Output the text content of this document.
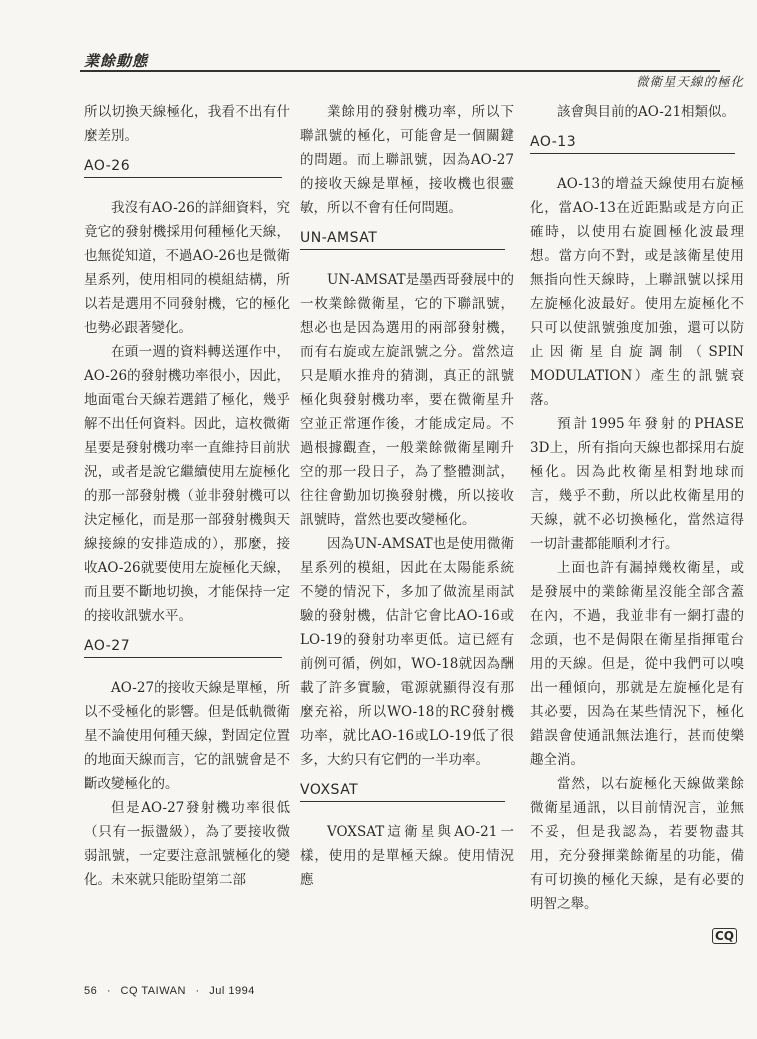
業餘動態
微衛星天線的極化

所以切換天線極化，我看不出有什麼差別。

AO-26

我沒有AO-26的詳細資料，究竟它的發射機採用何種極化天線，也無從知道，不過AO-26也是微衛星系列，使用相同的模組結構，所以若是選用不同發射機，它的極化也勢必跟著變化。

在頭一週的資料轉送運作中，AO-26的發射機功率很小，因此，地面電台天線若選錯了極化，幾乎解不出任何資料。因此，這枚微衛星要是發射機功率一直維持目前狀況，或者是說它繼續使用左旋極化的那一部發射機（並非發射機可以決定極化，而是那一部發射機與天線接線的安排造成的），那麼，接收AO-26就要使用左旋極化天線，而且要不斷地切換，才能保持一定的接收訊號水平。

AO-27

AO-27的接收天線是單極，所以不受極化的影響。但是低軌微衛星不論使用何種天線，對固定位置的地面天線而言，它的訊號會是不斷改變極化的。

但是AO-27發射機功率很低（只有一振盪級），為了要接收微弱訊號，一定要注意訊號極化的變化。未來就只能盼望第二部

業餘用的發射機功率，所以下聯訊號的極化，可能會是一個關鍵的問題。而上聯訊號，因為AO-27的接收天線是單極，接收機也很靈敏，所以不會有任何問題。

UN-AMSAT

UN-AMSAT是墨西哥發展中的一枚業餘微衛星，它的下聯訊號，想必也是因為選用的兩部發射機，而有右旋或左旋訊號之分。當然這只是順水推舟的猜測，真正的訊號極化與發射機功率，要在微衛星升空並正常運作後，才能成定局。不過根據觀查，一般業餘微衛星剛升空的那一段日子，為了整體測試，往往會勤加切換發射機，所以接收訊號時，當然也要改變極化。

因為UN-AMSAT也是使用微衛星系列的模組，因此在太陽能系統不變的情況下，多加了做流星雨試驗的發射機，估計它會比AO-16或LO-19的發射功率更低。這已經有前例可循，例如，WO-18就因為酬載了許多實驗，電源就顯得沒有那麼充裕，所以WO-18的RC發射機功率，就比AO-16或LO-19低了很多，大約只有它們的一半功率。

VOXSAT

VOXSAT這衛星與AO-21一樣，使用的是單極天線。使用情況應

該會與目前的AO-21相類似。

AO-13

AO-13的增益天線使用右旋極化，當AO-13在近距點或是方向正確時，以使用右旋圓極化波最理想。當方向不對，或是該衛星使用無指向性天線時，上聯訊號以採用左旋極化波最好。使用左旋極化不只可以使訊號強度加強，還可以防止因衛星自旋調制（SPIN MODULATION）產生的訊號衰落。

預計1995年發射的PHASE 3D上，所有指向天線也都採用右旋極化。因為此枚衛星相對地球而言，幾乎不動，所以此枚衛星用的天線，就不必切換極化，當然這得一切計畫都能順利才行。

上面也許有漏掉幾枚衛星，或是發展中的業餘衛星沒能全部含蓋在內，不過，我並非有一網打盡的念頭，也不是侷限在衛星指揮電台用的天線。但是，從中我們可以嗅出一種傾向，那就是左旋極化是有其必要，因為在某些情況下，極化錯誤會使通訊無法進行，甚而使樂趣全消。

當然，以右旋極化天線做業餘微衛星通訊，以目前情況言，並無不妥，但是我認為，若要物盡其用，充分發揮業餘衛星的功能，備有可切換的極化天線，是有必要的明智之舉。

CQ
56 · CQ TAIWAN · Jul 1994
